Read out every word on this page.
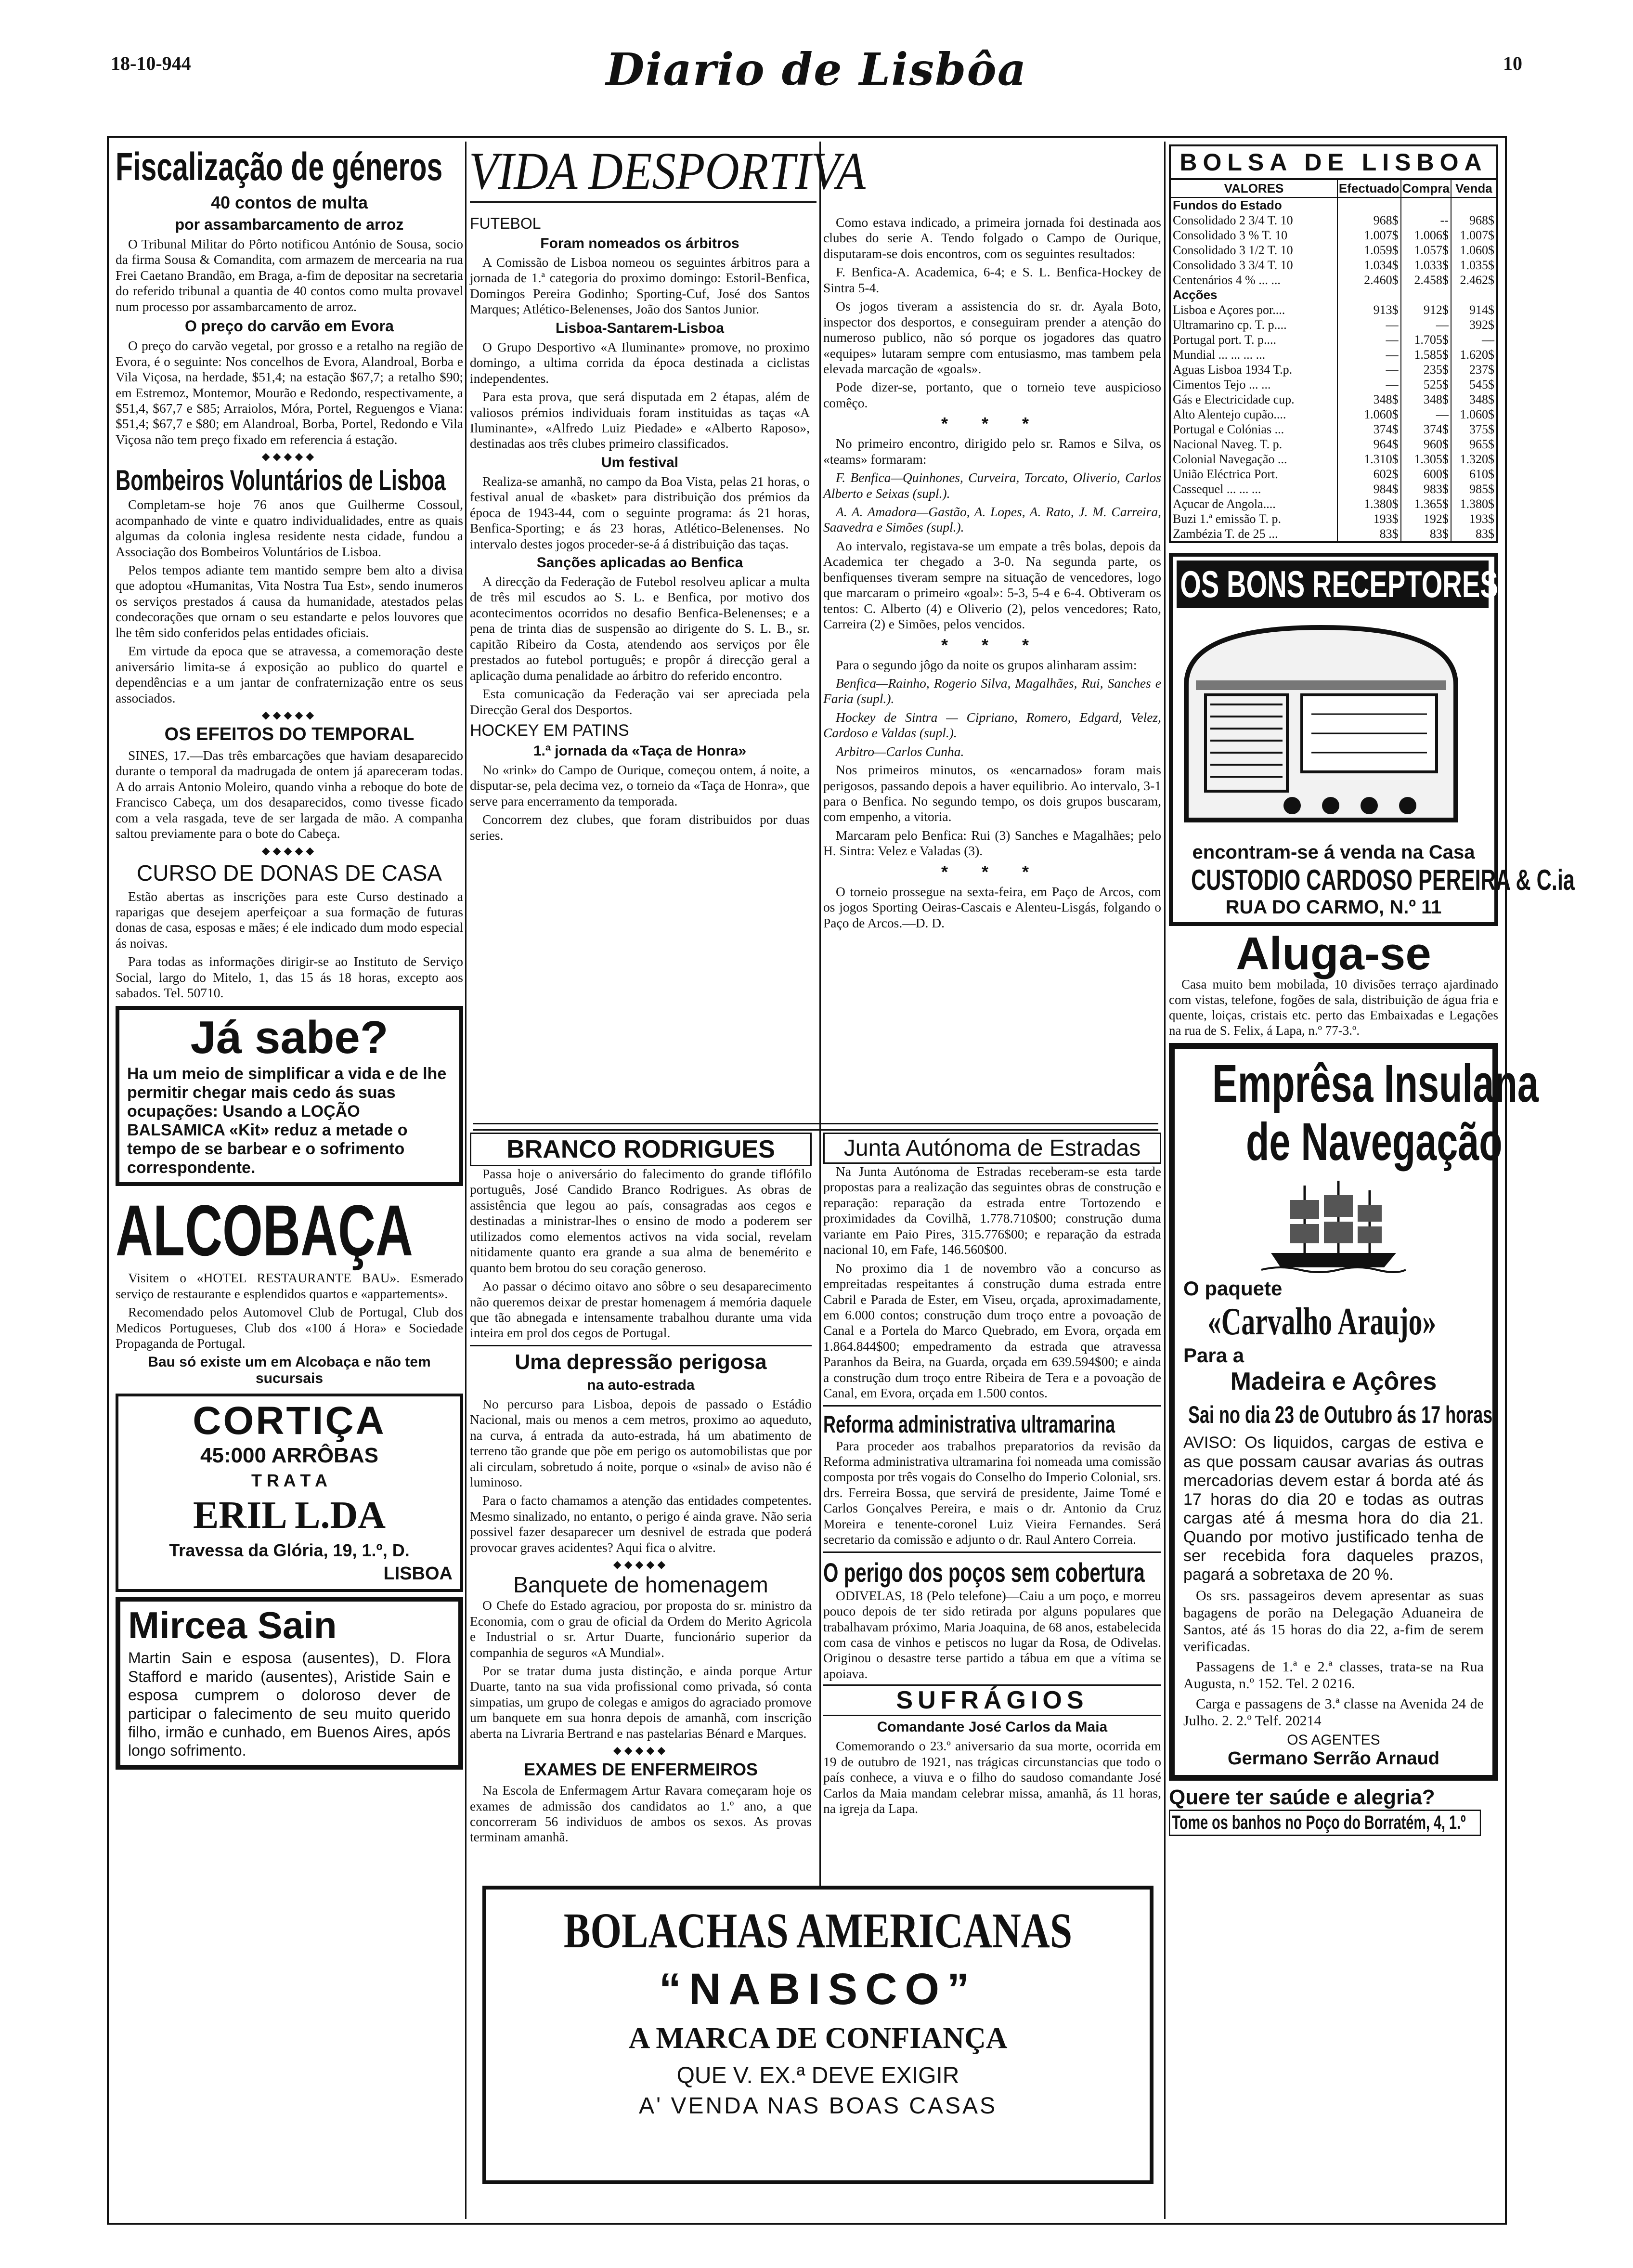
18-10-944	Diario de Lisbôa	10
Fiscalização de géneros
40 contos de multa
por assambarcamento de arroz

O Tribunal Militar do Pôrto notificou António de Sousa, socio da firma Sousa & Comandita, com armazem de mercearia na rua Frei Caetano Brandão, em Braga, a-fim de depositar na secretaria do referido tribunal a quantia de 40 contos como multa provavel num processo por assambarcamento de arroz.

O preço do carvão em Evora

O preço do carvão vegetal, por grosso e a retalho na região de Evora, é o seguinte: Nos concelhos de Evora, Alandroal, Borba e Vila Viçosa, na herdade, $51,4; na estação $67,7; a retalho $90; em Estremoz, Montemor, Mourão e Redondo, respectivamente, a $51,4, $67,7 e $85; Arraiolos, Móra, Portel, Reguengos e Viana: $51,4; $67,7 e $80; em Alandroal, Borba, Portel, Redondo e Vila Viçosa não tem preço fixado em referencia á estação.

◆◆◆◆◆
Bombeiros Voluntários de Lisboa

Completam-se hoje 76 anos que Guilherme Cossoul, acompanhado de vinte e quatro individualidades, entre as quais algumas da colonia inglesa residente nesta cidade, fundou a Associação dos Bombeiros Voluntários de Lisboa.

Pelos tempos adiante tem mantido sempre bem alto a divisa que adoptou «Humanitas, Vita Nostra Tua Est», sendo inumeros os serviços prestados á causa da humanidade, atestados pelas condecorações que ornam o seu estandarte e pelos louvores que lhe têm sido conferidos pelas entidades oficiais.

Em virtude da epoca que se atravessa, a comemoração deste aniversário limita-se á exposição ao publico do quartel e dependências e a um jantar de confraternização entre os seus associados.

◆◆◆◆◆
OS EFEITOS DO TEMPORAL

SINES, 17.—Das três embarcações que haviam desaparecido durante o temporal da madrugada de ontem já apareceram todas. A do arrais Antonio Moleiro, quando vinha a reboque do bote de Francisco Cabeça, um dos desaparecidos, como tivesse ficado com a vela rasgada, teve de ser largada de mão. A companha saltou previamente para o bote do Cabeça.

◆◆◆◆◆
CURSO DE DONAS DE CASA

Estão abertas as inscrições para este Curso destinado a raparigas que desejem aperfeiçoar a sua formação de futuras donas de casa, esposas e mães; é ele indicado dum modo especial ás noivas.

Para todas as informações dirigir-se ao Instituto de Serviço Social, largo do Mitelo, 1, das 15 ás 18 horas, excepto aos sabados. Tel. 50710.

Já sabe?
Ha um meio de simplificar a vida e de lhe permitir chegar mais cedo ás suas ocupações: Usando a LOÇÃO BALSAMICA «Kit» reduz a metade o tempo de se barbear e o sofrimento correspondente.
ALCOBAÇA

Visitem o «HOTEL RESTAURANTE BAU». Esmerado serviço de restaurante e esplendidos quartos e «appartements».

Recomendado pelos Automovel Club de Portugal, Club dos Medicos Portugueses, Club dos «100 á Hora» e Sociedade Propaganda de Portugal.

Bau só existe um em Alcobaça e não tem sucursais
CORTIÇA
45:000 ARRÔBAS
T R A T A
ERIL L.DA
Travessa da Glória, 19, 1.º, D.
LISBOA
Mircea Sain
Martin Sain e esposa (ausentes), D. Flora Stafford e marido (ausentes), Aristide Sain e esposa cumprem o doloroso dever de participar o falecimento de seu muito querido filho, irmão e cunhado, em Buenos Aires, após longo sofrimento.
VIDA DESPORTIVA
FUTEBOL
Foram nomeados os árbitros

A Comissão de Lisboa nomeou os seguintes árbitros para a jornada de 1.ª categoria do proximo domingo: Estoril-Benfica, Domingos Pereira Godinho; Sporting-Cuf, José dos Santos Marques; Atlético-Belenenses, João dos Santos Junior.

Lisboa-Santarem-Lisboa

O Grupo Desportivo «A Iluminante» promove, no proximo domingo, a ultima corrida da época destinada a ciclistas independentes.

Para esta prova, que será disputada em 2 étapas, além de valiosos prémios individuais foram instituidas as taças «A Iluminante», «Alfredo Luiz Piedade» e «Alberto Raposo», destinadas aos três clubes primeiro classificados.

Um festival

Realiza-se amanhã, no campo da Boa Vista, pelas 21 horas, o festival anual de «basket» para distribuição dos prémios da época de 1943-44, com o seguinte programa: ás 21 horas, Benfica-Sporting; e ás 23 horas, Atlético-Belenenses. No intervalo destes jogos proceder-se-á á distribuição das taças.

Sanções aplicadas ao Benfica

A direcção da Federação de Futebol resolveu aplicar a multa de três mil escudos ao S. L. e Benfica, por motivo dos acontecimentos ocorridos no desafio Benfica-Belenenses; e a pena de trinta dias de suspensão ao dirigente do S. L. B., sr. capitão Ribeiro da Costa, atendendo aos serviços por êle prestados ao futebol português; e propôr á direcção geral a aplicação duma penalidade ao árbitro do referido encontro.

Esta comunicação da Federação vai ser apreciada pela Direcção Geral dos Desportos.

HOCKEY EM PATINS
1.ª jornada da «Taça de Honra»

No «rink» do Campo de Ourique, começou ontem, á noite, a disputar-se, pela decima vez, o torneio da «Taça de Honra», que serve para encerramento da temporada.

Concorrem dez clubes, que foram distribuidos por duas series.

Como estava indicado, a primeira jornada foi destinada aos clubes do serie A. Tendo folgado o Campo de Ourique, disputaram-se dois encontros, com os seguintes resultados:

F. Benfica-A. Academica, 6-4; e S. L. Benfica-Hockey de Sintra 5-4.

Os jogos tiveram a assistencia do sr. dr. Ayala Boto, inspector dos desportos, e conseguiram prender a atenção do numeroso publico, não só porque os jogadores das quatro «equipes» lutaram sempre com entusiasmo, mas tambem pela elevada marcação de «goals».

Pode dizer-se, portanto, que o torneio teve auspicioso comêço.

* * *

No primeiro encontro, dirigido pelo sr. Ramos e Silva, os «teams» formaram:

F. Benfica—Quinhones, Curveira, Torcato, Oliverio, Carlos Alberto e Seixas (supl.).

A. A. Amadora—Gastão, A. Lopes, A. Rato, J. M. Carreira, Saavedra e Simões (supl.).

Ao intervalo, registava-se um empate a três bolas, depois da Academica ter chegado a 3-0. Na segunda parte, os benfiquenses tiveram sempre na situação de vencedores, logo que marcaram o primeiro «goal»: 5-3, 5-4 e 6-4. Obtiveram os tentos: C. Alberto (4) e Oliverio (2), pelos vencedores; Rato, Carreira (2) e Simões, pelos vencidos.

* * *

Para o segundo jôgo da noite os grupos alinharam assim:

Benfica—Rainho, Rogerio Silva, Magalhães, Rui, Sanches e Faria (supl.).

Hockey de Sintra — Cipriano, Romero, Edgard, Velez, Cardoso e Valdas (supl.).

Arbitro—Carlos Cunha.

Nos primeiros minutos, os «encarnados» foram mais perigosos, passando depois a haver equilibrio. Ao intervalo, 3-1 para o Benfica. No segundo tempo, os dois grupos buscaram, com empenho, a vitoria.

Marcaram pelo Benfica: Rui (3) Sanches e Magalhães; pelo H. Sintra: Velez e Valadas (3).

* * *

O torneio prossegue na sexta-feira, em Paço de Arcos, com os jogos Sporting Oeiras-Cascais e Alenteu-Lisgás, folgando o Paço de Arcos.—D. D.

BRANCO RODRIGUES

Passa hoje o aniversário do falecimento do grande tiflófilo português, José Candido Branco Rodrigues. As obras de assistência que legou ao país, consagradas aos cegos e destinadas a ministrar-lhes o ensino de modo a poderem ser utilizados como elementos activos na vida social, revelam nitidamente quanto era grande a sua alma de benemérito e quanto bem brotou do seu coração generoso.

Ao passar o décimo oitavo ano sôbre o seu desaparecimento não queremos deixar de prestar homenagem á memória daquele que tão abnegada e intensamente trabalhou durante uma vida inteira em prol dos cegos de Portugal.

Uma depressão perigosa
na auto-estrada

No percurso para Lisboa, depois de passado o Estádio Nacional, mais ou menos a cem metros, proximo ao aqueduto, na curva, á entrada da auto-estrada, há um abatimento de terreno tão grande que põe em perigo os automobilistas que por ali circulam, sobretudo á noite, porque o «sinal» de aviso não é luminoso.

Para o facto chamamos a atenção das entidades competentes. Mesmo sinalizado, no entanto, o perigo é ainda grave. Não seria possivel fazer desaparecer um desnivel de estrada que poderá provocar graves acidentes? Aqui fica o alvitre.

◆◆◆◆◆
Banquete de homenagem

O Chefe do Estado agraciou, por proposta do sr. ministro da Economia, com o grau de oficial da Ordem do Merito Agricola e Industrial o sr. Artur Duarte, funcionário superior da companhia de seguros «A Mundial».

Por se tratar duma justa distinção, e ainda porque Artur Duarte, tanto na sua vida profissional como privada, só conta simpatias, um grupo de colegas e amigos do agraciado promove um banquete em sua honra depois de amanhã, com inscrição aberta na Livraria Bertrand e nas pastelarias Bénard e Marques.

◆◆◆◆◆
EXAMES DE ENFERMEIROS

Na Escola de Enfermagem Artur Ravara começaram hoje os exames de admissão dos candidatos ao 1.º ano, a que concorreram 56 individuos de ambos os sexos. As provas terminam amanhã.

Junta Autónoma de Estradas

Na Junta Autónoma de Estradas receberam-se esta tarde propostas para a realização das seguintes obras de construção e reparação: reparação da estrada entre Tortozendo e proximidades da Covilhã, 1.778.710$00; construção duma variante em Paio Pires, 315.776$00; e reparação da estrada nacional 10, em Fafe, 146.560$00.

No proximo dia 1 de novembro vão a concurso as empreitadas respeitantes á construção duma estrada entre Cabril e Parada de Ester, em Viseu, orçada, aproximadamente, em 6.000 contos; construção dum troço entre a povoação de Canal e a Portela do Marco Quebrado, em Evora, orçada em 1.864.844$00; empedramento da estrada que atravessa Paranhos da Beira, na Guarda, orçada em 639.594$00; e ainda a construção dum troço entre Ribeira de Tera e a povoação de Canal, em Evora, orçada em 1.500 contos.

Reforma administrativa ultramarina

Para proceder aos trabalhos preparatorios da revisão da Reforma administrativa ultramarina foi nomeada uma comissão composta por três vogais do Conselho do Imperio Colonial, srs. drs. Ferreira Bossa, que servirá de presidente, Jaime Tomé e Carlos Gonçalves Pereira, e mais o dr. Antonio da Cruz Moreira e tenente-coronel Luiz Vieira Fernandes. Será secretario da comissão e adjunto o dr. Raul Antero Correia.

O perigo dos poços sem cobertura

ODIVELAS, 18 (Pelo telefone)—Caiu a um poço, e morreu pouco depois de ter sido retirada por alguns populares que trabalhavam próximo, Maria Joaquina, de 68 anos, estabelecida com casa de vinhos e petiscos no lugar da Rosa, de Odivelas. Originou o desastre terse partido a tábua em que a vítima se apoiava.

SUFRÁGIOS
Comandante José Carlos da Maia

Comemorando o 23.º aniversario da sua morte, ocorrida em 19 de outubro de 1921, nas trágicas circunstancias que todo o país conhece, a viuva e o filho do saudoso comandante José Carlos da Maia mandam celebrar missa, amanhã, ás 11 horas, na igreja da Lapa.

BOLACHAS AMERICANAS
“NABISCO”
A MARCA DE CONFIANÇA
QUE V. EX.ª DEVE EXIGIR
A' VENDA NAS BOAS CASAS
BOLSA DE LISBOA
VALORES	Efectuado	Compra	Venda
Fundos do Estado			
Consolidado 2 3/4 T. 10	968$	--	968$
Consolidado 3 % T. 10	1.007$	1.006$	1.007$
Consolidado 3 1/2 T. 10	1.059$	1.057$	1.060$
Consolidado 3 3/4 T. 10	1.034$	1.033$	1.035$
Centenários 4 % ... ...	2.460$	2.458$	2.462$
Acções			
Lisboa e Açores por....	913$	912$	914$
Ultramarino cp. T. p....	—	—	392$
Portugal port. T. p....	—	1.705$	—
Mundial ... ... ... ...	—	1.585$	1.620$
Aguas Lisboa 1934 T.p.	—	235$	237$
Cimentos Tejo ... ...	—	525$	545$
Gás e Electricidade cup.	348$	348$	348$
Alto Alentejo cupão....	1.060$	—	1.060$
Portugal e Colónias ...	374$	374$	375$
Nacional Naveg. T. p.	964$	960$	965$
Colonial Navegação ...	1.310$	1.305$	1.320$
União Eléctrica Port.	602$	600$	610$
Cassequel ... ... ...	984$	983$	985$
Açucar de Angola....	1.380$	1.365$	1.380$
Buzi 1.ª emissão T. p.	193$	192$	193$
Zambézia T. de 25 ...	83$	83$	83$
OS BONS RECEPTORES
encontram-se á venda na Casa
CUSTODIO CARDOSO PEREIRA & C.ia
RUA DO CARMO, N.º 11
Aluga-se

Casa muito bem mobilada, 10 divisões terraço ajardinado com vistas, telefone, fogões de sala, distribuição de água fria e quente, loiças, cristais etc. perto das Embaixadas e Legações na rua de S. Felix, á Lapa, n.º 77-3.º.

Emprêsa Insulana
de Navegação
O paquete
«Carvalho Araujo»
Para a
Madeira e Açôres
Sai no dia 23 de Outubro ás 17 horas
AVISO: Os liquidos, cargas de estiva e as que possam causar avarias ás outras mercadorias devem estar á borda até ás 17 horas do dia 20 e todas as outras cargas até á mesma hora do dia 21. Quando por motivo justificado tenha de ser recebida fora daqueles prazos, pagará a sobretaxa de 20 %.

Os srs. passageiros devem apresentar as suas bagagens de porão na Delegação Aduaneira de Santos, até ás 15 horas do dia 22, a-fim de serem verificadas.

Passagens de 1.ª e 2.ª classes, trata-se na Rua Augusta, n.º 152. Tel. 2 0216.

Carga e passagens de 3.ª classe na Avenida 24 de Julho. 2. 2.º Telf. 20214

OS AGENTES
Germano Serrão Arnaud
Quere ter saúde e alegria?
Tome os banhos no Poço do Borratém, 4, 1.º
